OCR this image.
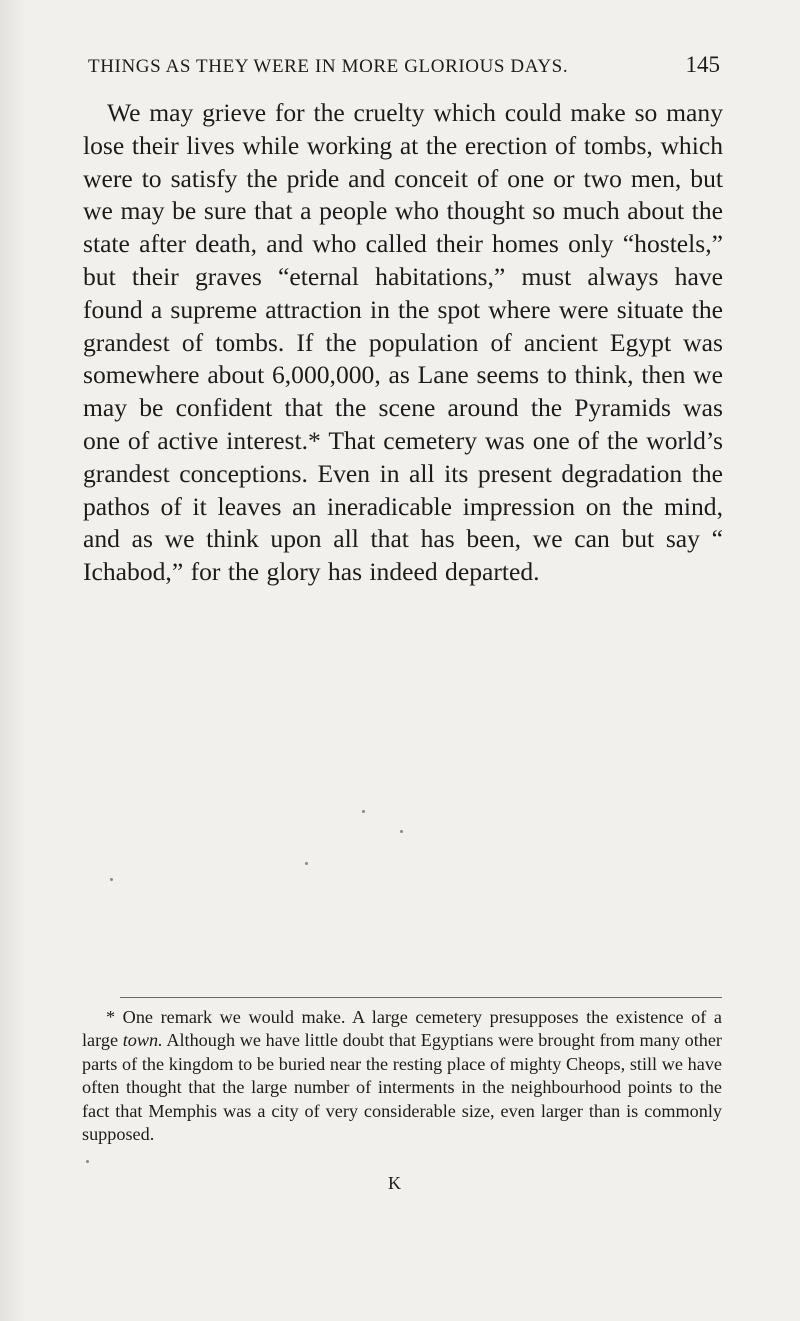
THINGS AS THEY WERE IN MORE GLORIOUS DAYS.	145

We may grieve for the cruelty which could make so many lose their lives while working at the erection of tombs, which were to satisfy the pride and conceit of one or two men, but we may be sure that a people who thought so much about the state after death, and who called their homes only “hostels,” but their graves “eternal habitations,” must always have found a supreme attraction in the spot where were situate the grandest of tombs. If the population of ancient Egypt was somewhere about 6,000,000, as Lane seems to think, then we may be confident that the scene around the Pyramids was one of active interest.* That cemetery was one of the world’s grandest conceptions. Even in all its present degradation the pathos of it leaves an ineradicable impression on the mind, and as we think upon all that has been, we can but say “ Ichabod,” for the glory has indeed departed.

* One remark we would make. A large cemetery presupposes the existence of a large town. Although we have little doubt that Egyptians were brought from many other parts of the kingdom to be buried near the resting place of mighty Cheops, still we have often thought that the large number of interments in the neighbourhood points to the fact that Memphis was a city of very considerable size, even larger than is commonly supposed.

K
